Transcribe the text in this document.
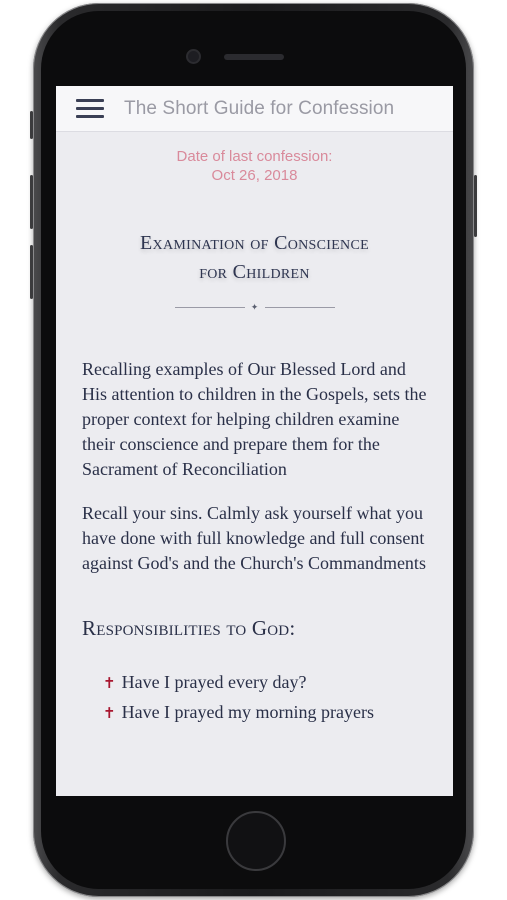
The Short Guide for Confession
Date of last confession:
Oct 26, 2018
Examination of Conscience
for Children
✦

Recalling examples of Our Blessed Lord and His attention to children in the Gospels, sets the proper context for helping children examine their conscience and prepare them for the Sacrament of Reconciliation

Recall your sins. Calmly ask yourself what you have done with full knowledge and full consent against God's and the Church's Commandments

Responsibilities to God:
✝ Have I prayed every day?
✝ Have I prayed my morning prayers
